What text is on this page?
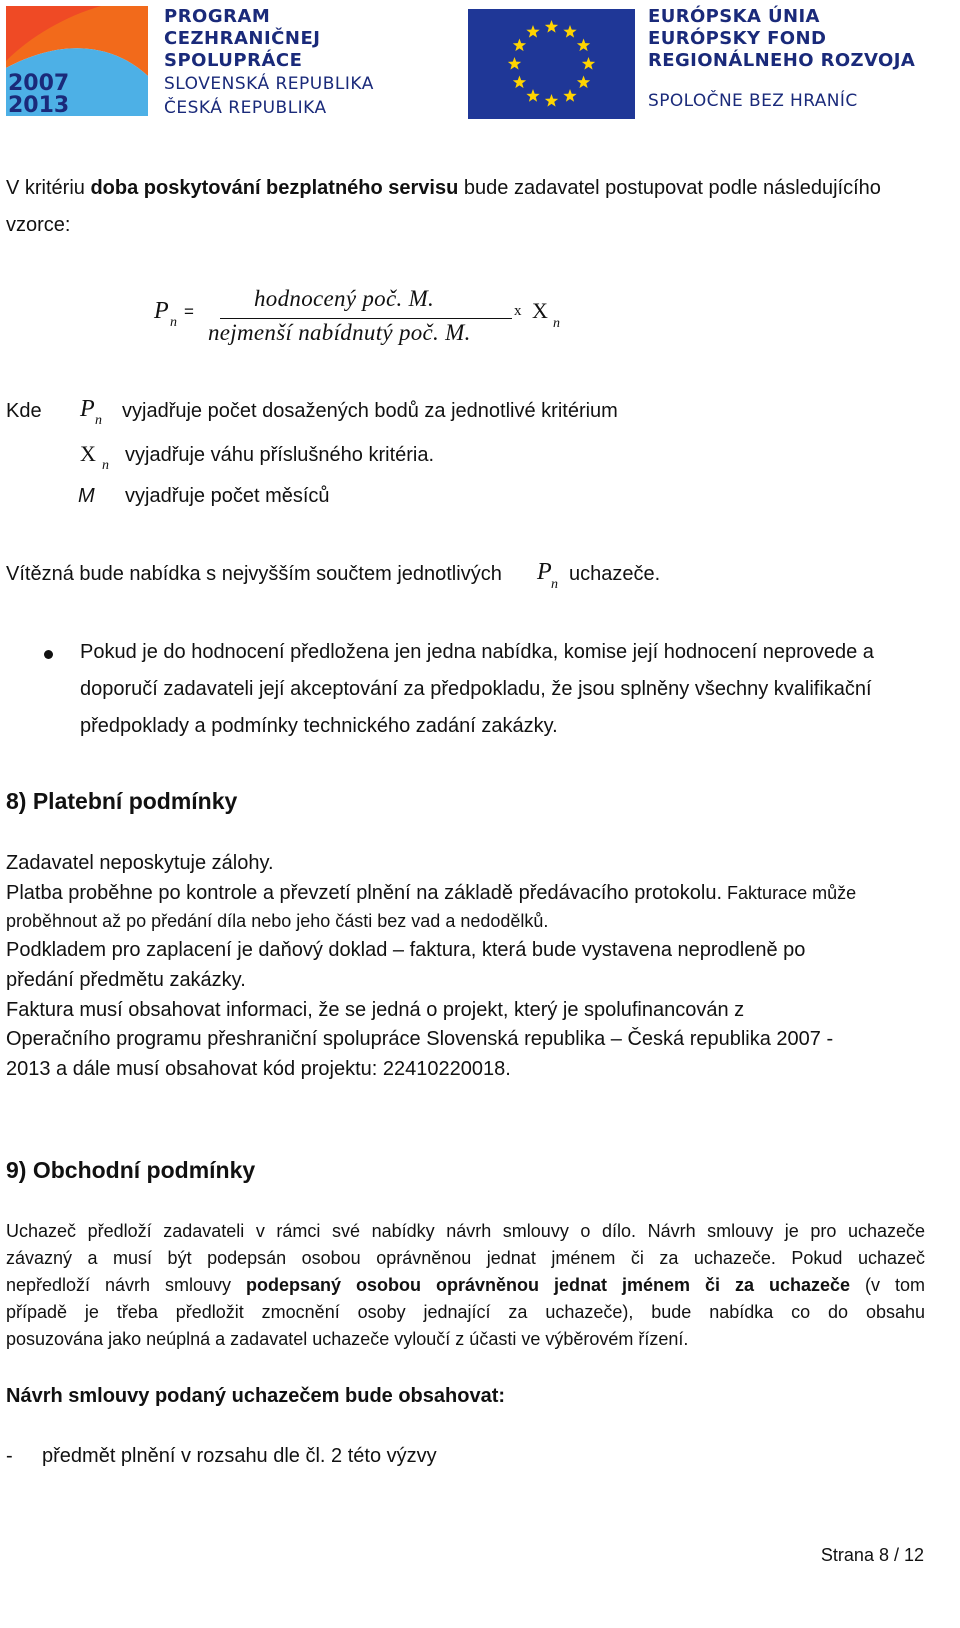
2007
2013
PROGRAM
CEZHRANIČNEJ
SPOLUPRÁCE
SLOVENSKÁ REPUBLIKA
ČESKÁ REPUBLIKA
EURÓPSKA ÚNIA
EURÓPSKY FOND
REGIONÁLNEHO ROZVOJA
SPOLOČNE BEZ HRANÍC
V kritériu doba poskytování bezplatného servisu bude zadavatel postupovat podle následujícího
vzorce:
P n
=
hodnocený poč. M.
nejmenší nabídnutý poč. M.
x X
n
Kde P n vyjadřuje počet dosažených bodů za jednotlivé kritérium
X n vyjadřuje váhu příslušného kritéria.
M vyjadřuje počet měsíců
Vítězná bude nabídka s nejvyšším součtem jednotlivých P n uchazeče.
Pokud je do hodnocení předložena jen jedna nabídka, komise její hodnocení neprovede a
doporučí zadavateli její akceptování za předpokladu, že jsou splněny všechny kvalifikační
předpoklady a podmínky technického zadání zakázky.
8) Platební podmínky
Zadavatel neposkytuje zálohy.
Platba proběhne po kontrole a převzetí plnění na základě předávacího protokolu. Fakturace může
proběhnout až po předání díla nebo jeho části bez vad a nedodělků.
Podkladem pro zaplacení je daňový doklad – faktura, která bude vystavena neprodleně po
předání předmětu zakázky.
Faktura musí obsahovat informaci, že se jedná o projekt, který je spolufinancován z
Operačního programu přeshraniční spolupráce Slovenská republika – Česká republika 2007 -
2013 a dále musí obsahovat kód projektu: 22410220018.
9) Obchodní podmínky
Uchazeč předloží zadavateli v rámci své nabídky návrh smlouvy o dílo. Návrh smlouvy je pro uchazeče
závazný a musí být podepsán osobou oprávněnou jednat jménem či za uchazeče. Pokud uchazeč
nepředloží návrh smlouvy podepsaný osobou oprávněnou jednat jménem či za uchazeče (v tom
případě je třeba předložit zmocnění osoby jednající za uchazeče), bude nabídka co do obsahu
posuzována jako neúplná a zadavatel uchazeče vyloučí z účasti ve výběrovém řízení.
Návrh smlouvy podaný uchazečem bude obsahovat:
- předmět plnění v rozsahu dle čl. 2 této výzvy
Strana 8 / 12
